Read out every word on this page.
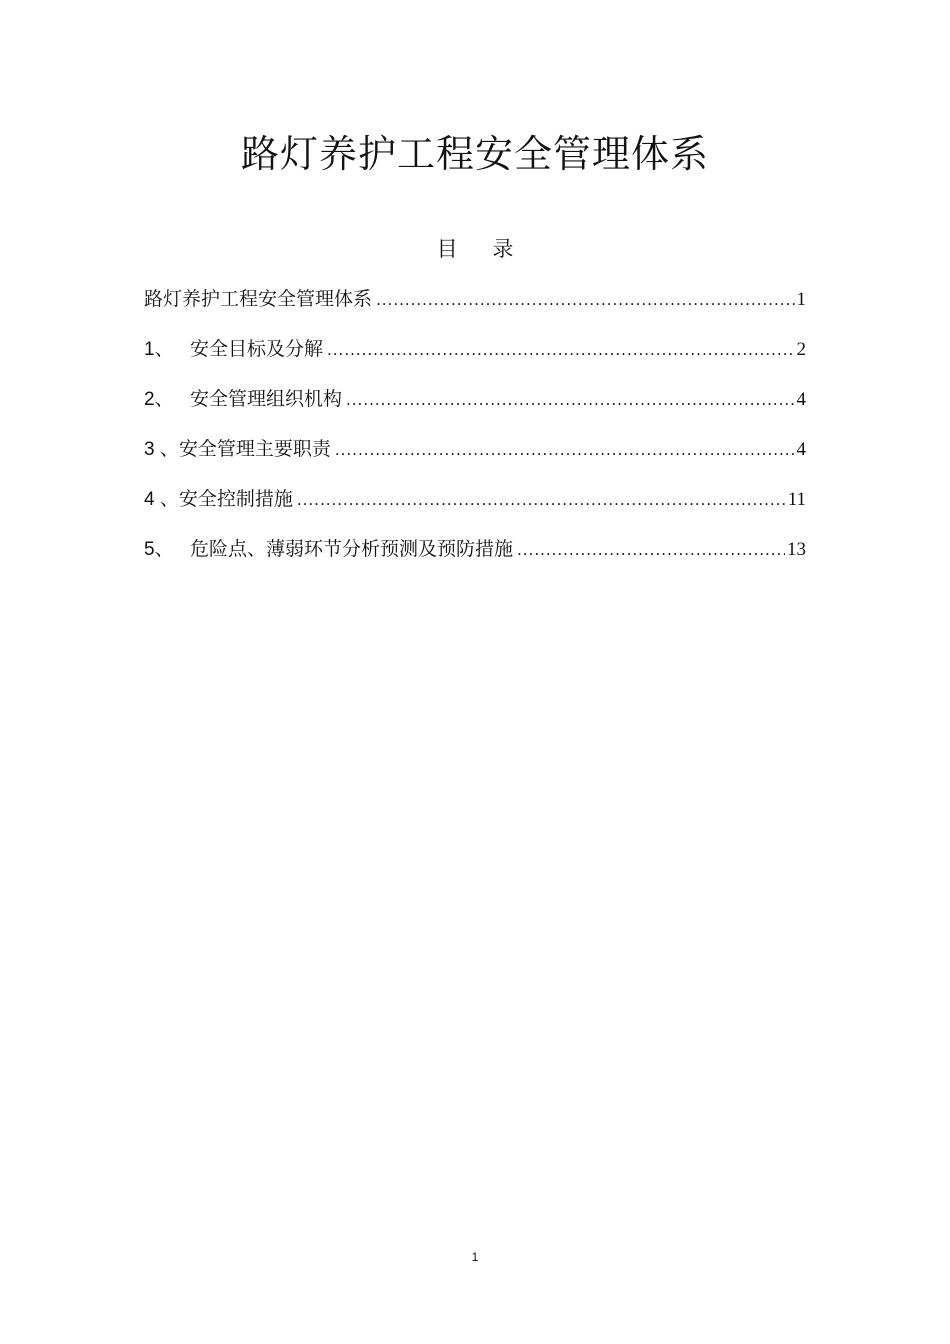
路灯养护工程安全管理体系
目 录
路灯养护工程安全管理体系 .....	1
1、 安全目标及分解 .....	2
2、 安全管理组织机构 .....	4
3 、 安全管理主要职责 .....	4
4 、 安全控制措施 .....	11
5、 危险点、薄弱环节分析预测及预防措施 .....	13
1
